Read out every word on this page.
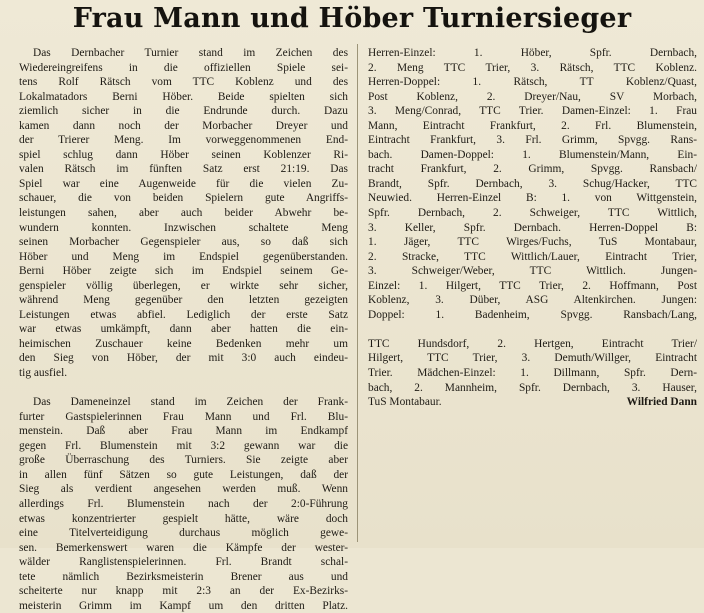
Frau Mann und Höber Turniersieger
Das Dernbacher Turnier stand im Zeichen des
Wiedereingreifens in die offiziellen Spiele sei-
tens Rolf Rätsch vom TTC Koblenz und des
Lokalmatadors Berni Höber. Beide spielten sich
ziemlich sicher in die Endrunde durch. Dazu
kamen dann noch der Morbacher Dreyer und
der Trierer Meng. Im vorweggenommenen End-
spiel schlug dann Höber seinen Koblenzer Ri-
valen Rätsch im fünften Satz erst 21:19. Das
Spiel war eine Augenweide für die vielen Zu-
schauer, die von beiden Spielern gute Angriffs-
leistungen sahen, aber auch beider Abwehr be-
wundern konnten. Inzwischen schaltete Meng
seinen Morbacher Gegenspieler aus, so daß sich
Höber und Meng im Endspiel gegenüberstanden.
Berni Höber zeigte sich im Endspiel seinem Ge-
genspieler völlig überlegen, er wirkte sehr sicher,
während Meng gegenüber den letzten gezeigten
Leistungen etwas abfiel. Lediglich der erste Satz
war etwas umkämpft, dann aber hatten die ein-
heimischen Zuschauer keine Bedenken mehr um
den Sieg von Höber, der mit 3:0 auch eindeu-
tig ausfiel.
Das Dameneinzel stand im Zeichen der Frank-
furter Gastspielerinnen Frau Mann und Frl. Blu-
menstein. Daß aber Frau Mann im Endkampf
gegen Frl. Blumenstein mit 3:2 gewann war die
große Überraschung des Turniers. Sie zeigte aber
in allen fünf Sätzen so gute Leistungen, daß der
Sieg als verdient angesehen werden muß. Wenn
allerdings Frl. Blumenstein nach der 2:0-Führung
etwas konzentrierter gespielt hätte, wäre doch
eine Titelverteidigung durchaus möglich gewe-
sen. Bemerkenswert waren die Kämpfe der wester-
wälder Ranglistenspielerinnen. Frl. Brandt schal-
tete nämlich Bezirksmeisterin Brener aus und
scheiterte nur knapp mit 2:3 an der Ex-Bezirks-
meisterin Grimm im Kampf um den dritten Platz.
Herren-Einzel: 1. Höber, Spfr. Dernbach,
2. Meng TTC Trier, 3. Rätsch, TTC Koblenz.
Herren-Doppel: 1. Rätsch, TT Koblenz/Quast,
Post Koblenz, 2. Dreyer/Nau, SV Morbach,
3. Meng/Conrad, TTC Trier. Damen-Einzel: 1. Frau
Mann, Eintracht Frankfurt, 2. Frl. Blumenstein,
Eintracht Frankfurt, 3. Frl. Grimm, Spvgg. Rans-
bach. Damen-Doppel: 1. Blumenstein/Mann, Ein-
tracht Frankfurt, 2. Grimm, Spvgg. Ransbach/
Brandt, Spfr. Dernbach, 3. Schug/Hacker, TTC
Neuwied. Herren-Einzel B: 1. von Wittgenstein,
Spfr. Dernbach, 2. Schweiger, TTC Wittlich,
3. Keller, Spfr. Dernbach. Herren-Doppel B:
1. Jäger, TTC Wirges/Fuchs, TuS Montabaur,
2. Stracke, TTC Wittlich/Lauer, Eintracht Trier,
3. Schweiger/Weber, TTC Wittlich. Jungen-
Einzel: 1. Hilgert, TTC Trier, 2. Hoffmann, Post
Koblenz, 3. Düber, ASG Altenkirchen. Jungen:
Doppel: 1. Badenheim, Spvgg. Ransbach/Lang,
TTC Hundsdorf, 2. Hertgen, Eintracht Trier/
Hilgert, TTC Trier, 3. Demuth/Willger, Eintracht
Trier. Mädchen-Einzel: 1. Dillmann, Spfr. Dern-
bach, 2. Mannheim, Spfr. Dernbach, 3. Hauser,
TuS Montabaur.	Wilfried Dann
